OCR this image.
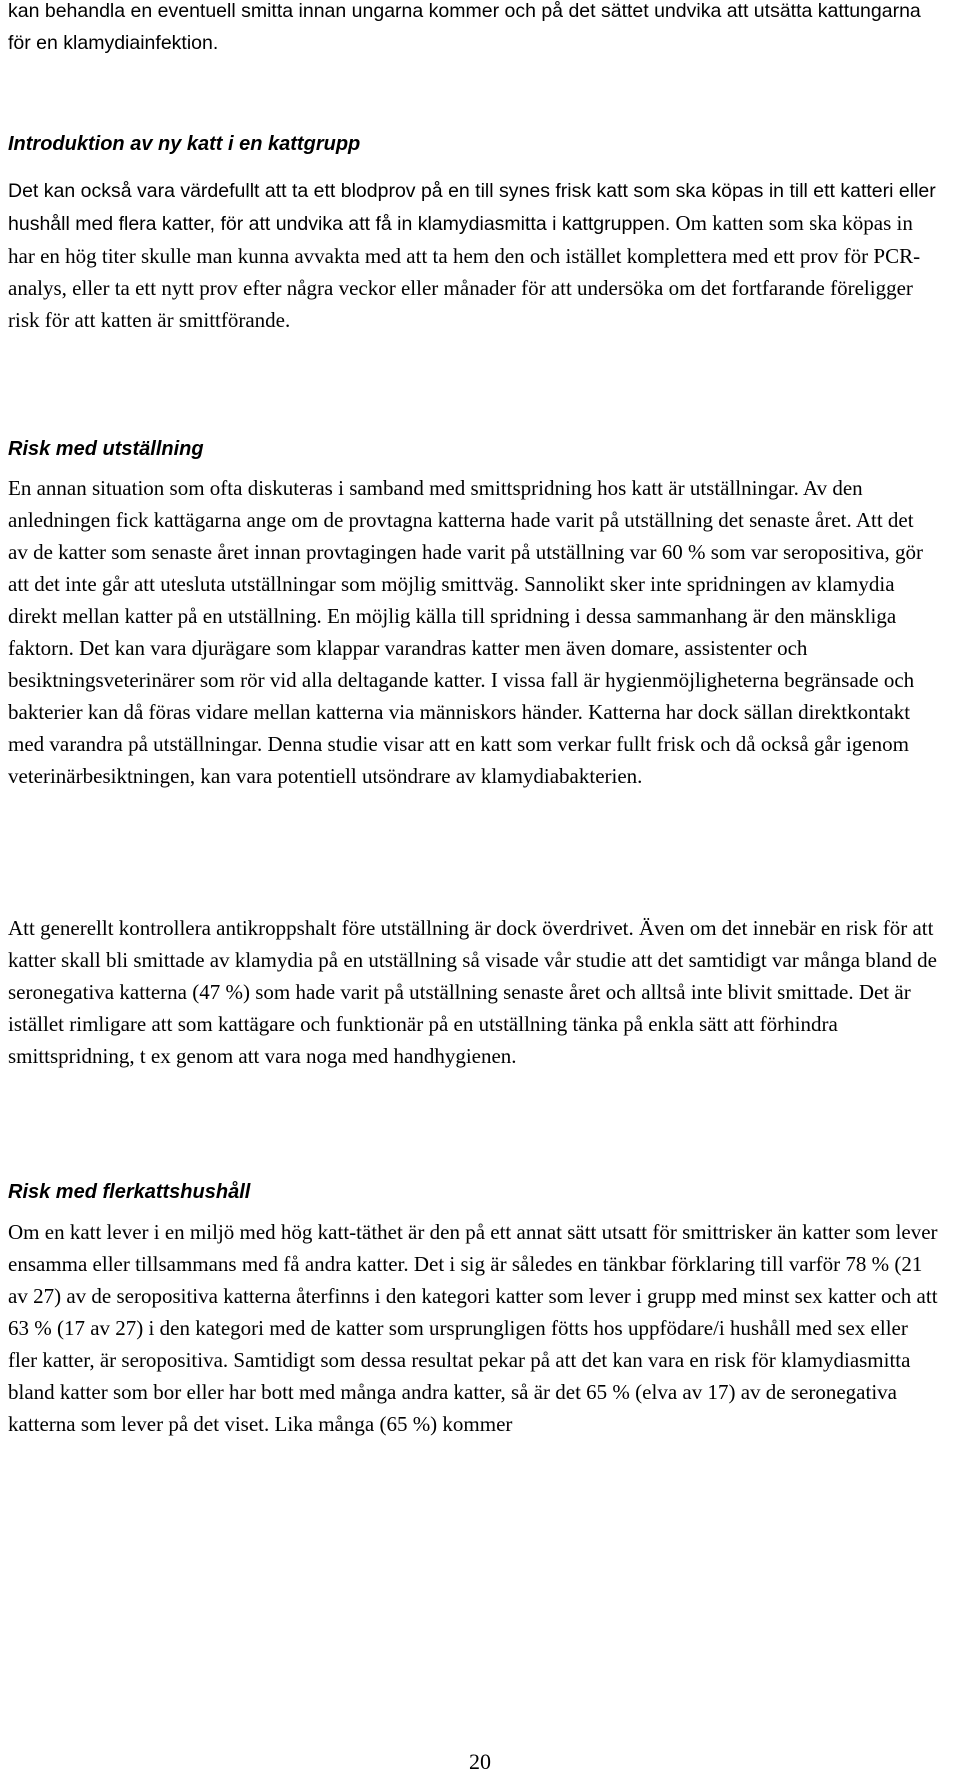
kan behandla en eventuell smitta innan ungarna kommer och på det sättet undvika att utsätta kattungarna för en klamydiainfektion.

Introduktion av ny katt i en kattgrupp

Det kan också vara värdefullt att ta ett blodprov på en till synes frisk katt som ska köpas in till ett katteri eller hushåll med flera katter, för att undvika att få in klamydiasmitta i kattgruppen. Om katten som ska köpas in har en hög titer skulle man kunna avvakta med att ta hem den och istället komplettera med ett prov för PCR-analys, eller ta ett nytt prov efter några veckor eller månader för att undersöka om det fortfarande föreligger risk för att katten är smittförande.

Risk med utställning

En annan situation som ofta diskuteras i samband med smittspridning hos katt är utställningar. Av den anledningen fick kattägarna ange om de provtagna katterna hade varit på utställning det senaste året. Att det av de katter som senaste året innan provtagingen hade varit på utställning var 60 % som var seropositiva, gör att det inte går att utesluta utställningar som möjlig smittväg. Sannolikt sker inte spridningen av klamydia direkt mellan katter på en utställning. En möjlig källa till spridning i dessa sammanhang är den mänskliga faktorn. Det kan vara djurägare som klappar varandras katter men även domare, assistenter och besiktningsveterinärer som rör vid alla deltagande katter. I vissa fall är hygienmöjligheterna begränsade och bakterier kan då föras vidare mellan katterna via människors händer. Katterna har dock sällan direktkontakt med varandra på utställningar. Denna studie visar att en katt som verkar fullt frisk och då också går igenom veterinärbesiktningen, kan vara potentiell utsöndrare av klamydiabakterien.

Att generellt kontrollera antikroppshalt före utställning är dock överdrivet. Även om det innebär en risk för att katter skall bli smittade av klamydia på en utställning så visade vår studie att det samtidigt var många bland de seronegativa katterna (47 %) som hade varit på utställning senaste året och alltså inte blivit smittade. Det är istället rimligare att som kattägare och funktionär på en utställning tänka på enkla sätt att förhindra smittspridning, t ex genom att vara noga med handhygienen.

Risk med flerkattshushåll

Om en katt lever i en miljö med hög katt-täthet är den på ett annat sätt utsatt för smittrisker än katter som lever ensamma eller tillsammans med få andra katter. Det i sig är således en tänkbar förklaring till varför 78 % (21 av 27) av de seropositiva katterna återfinns i den kategori katter som lever i grupp med minst sex katter och att 63 % (17 av 27) i den kategori med de katter som ursprungligen fötts hos uppfödare/i hushåll med sex eller fler katter, är seropositiva. Samtidigt som dessa resultat pekar på att det kan vara en risk för klamydiasmitta bland katter som bor eller har bott med många andra katter, så är det 65 % (elva av 17) av de seronegativa katterna som lever på det viset. Lika många (65 %) kommer

20
